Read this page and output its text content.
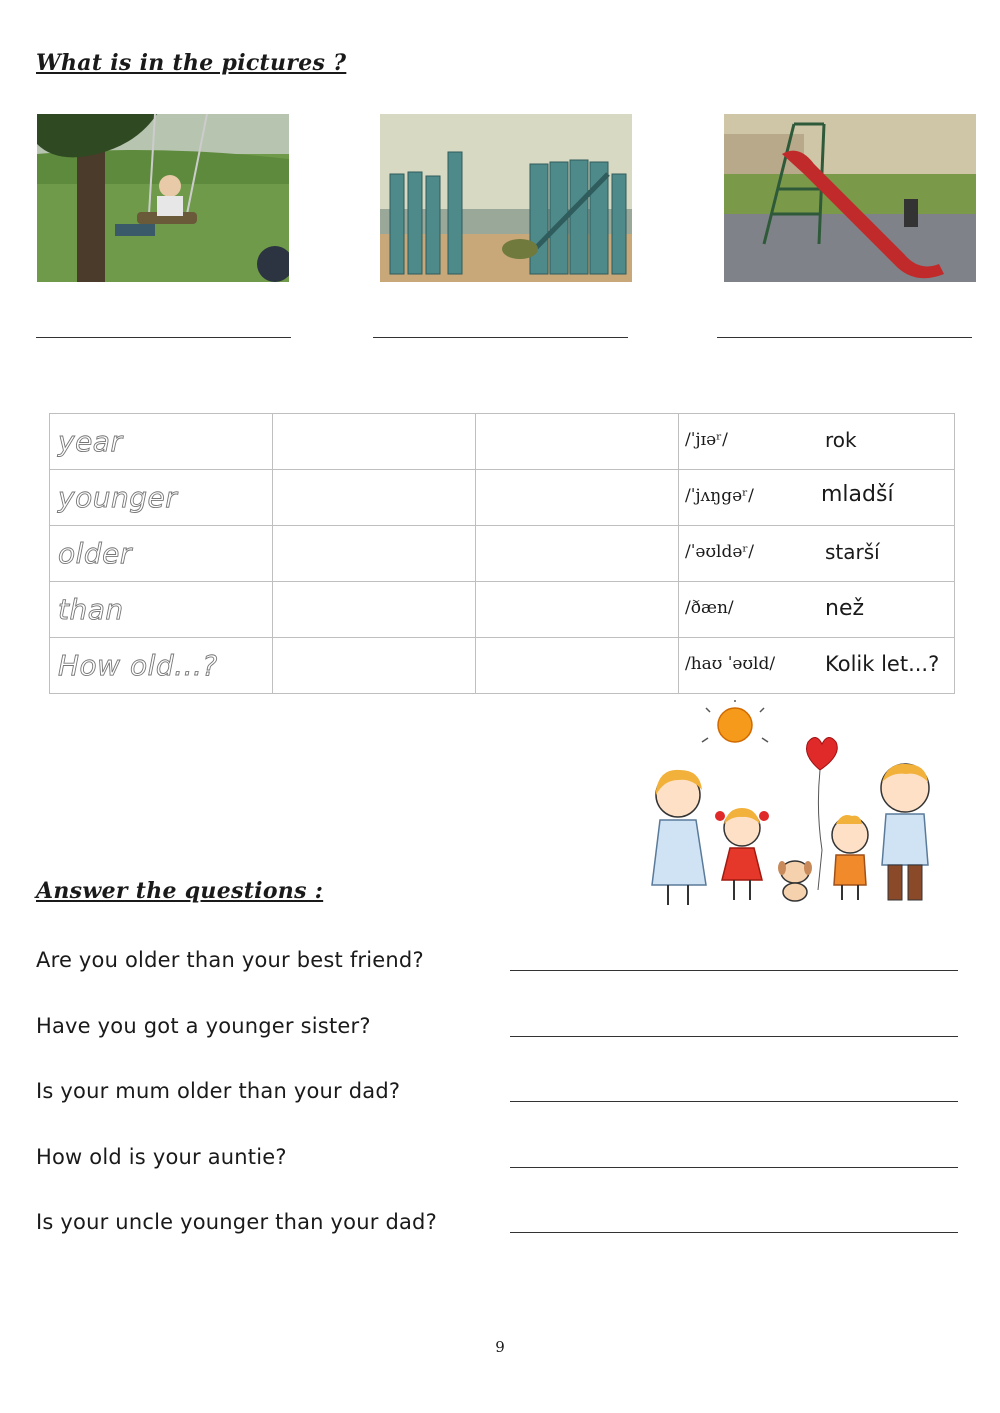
What is in the pictures ?
year			/ˈjɪəʳ/ rok

younger			/ˈjʌŋgəʳ/ mladší

older			/ˈəʊldəʳ/ starší

than			/ðæn/ než

How old...?			/haʊ ˈəʊld/ Kolik let...?
Answer the questions :
Are you older than your best friend?
Have you got a younger sister?
Is your mum older than your dad?
How old is your auntie?
Is your uncle younger than your dad?
9
